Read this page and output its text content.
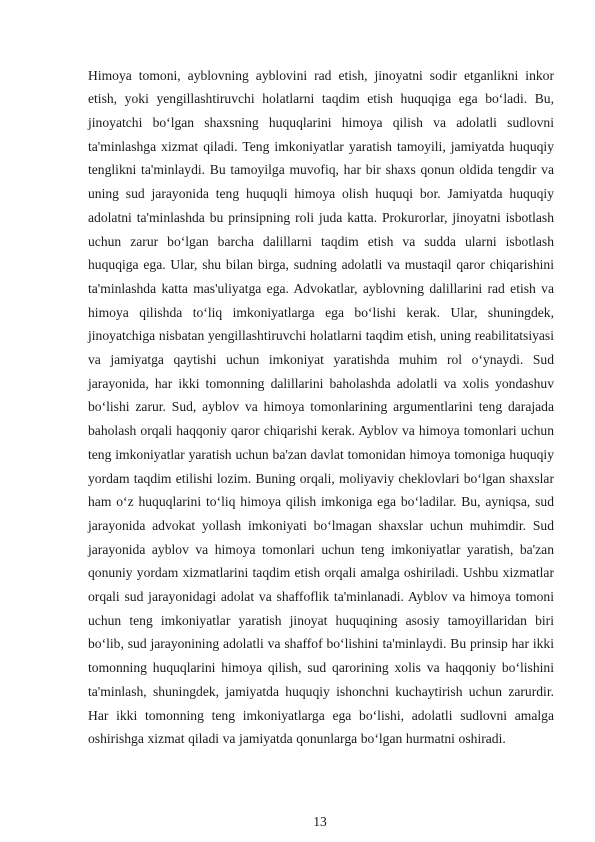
Himoya tomoni, ayblovning ayblovini rad etish, jinoyatni sodir etganlikni inkor etish, yoki yengillashtiruvchi holatlarni taqdim etish huquqiga ega bo‘ladi. Bu, jinoyatchi bo‘lgan shaxsning huquqlarini himoya qilish va adolatli sudlovni ta'minlashga xizmat qiladi. Teng imkoniyatlar yaratish tamoyili, jamiyatda huquqiy tenglikni ta'minlaydi. Bu tamoyilga muvofiq, har bir shaxs qonun oldida tengdir va uning sud jarayonida teng huquqli himoya olish huquqi bor. Jamiyatda huquqiy adolatni ta'minlashda bu prinsipning roli juda katta. Prokurorlar, jinoyatni isbotlash uchun zarur bo‘lgan barcha dalillarni taqdim etish va sudda ularni isbotlash huquqiga ega. Ular, shu bilan birga, sudning adolatli va mustaqil qaror chiqarishini ta'minlashda katta mas'uliyatga ega. Advokatlar, ayblovning dalillarini rad etish va himoya qilishda to‘liq imkoniyatlarga ega bo‘lishi kerak. Ular, shuningdek, jinoyatchiga nisbatan yengillashtiruvchi holatlarni taqdim etish, uning reabilitatsiyasi va jamiyatga qaytishi uchun imkoniyat yaratishda muhim rol o‘ynaydi. Sud jarayonida, har ikki tomonning dalillarini baholashda adolatli va xolis yondashuv bo‘lishi zarur. Sud, ayblov va himoya tomonlarining argumentlarini teng darajada baholash orqali haqqoniy qaror chiqarishi kerak. Ayblov va himoya tomonlari uchun teng imkoniyatlar yaratish uchun ba'zan davlat tomonidan himoya tomoniga huquqiy yordam taqdim etilishi lozim. Buning orqali, moliyaviy cheklovlari bo‘lgan shaxslar ham o‘z huquqlarini to‘liq himoya qilish imkoniga ega bo‘ladilar. Bu, ayniqsa, sud jarayonida advokat yollash imkoniyati bo‘lmagan shaxslar uchun muhimdir. Sud jarayonida ayblov va himoya tomonlari uchun teng imkoniyatlar yaratish, ba'zan qonuniy yordam xizmatlarini taqdim etish orqali amalga oshiriladi. Ushbu xizmatlar orqali sud jarayonidagi adolat va shaffoflik ta'minlanadi. Ayblov va himoya tomoni uchun teng imkoniyatlar yaratish jinoyat huquqining asosiy tamoyillaridan biri bo‘lib, sud jarayonining adolatli va shaffof bo‘lishini ta'minlaydi. Bu prinsip har ikki tomonning huquqlarini himoya qilish, sud qarorining xolis va haqqoniy bo‘lishini ta'minlash, shuningdek, jamiyatda huquqiy ishonchni kuchaytirish uchun zarurdir. Har ikki tomonning teng imkoniyatlarga ega bo‘lishi, adolatli sudlovni amalga oshirishga xizmat qiladi va jamiyatda qonunlarga bo‘lgan hurmatni oshiradi.

13
